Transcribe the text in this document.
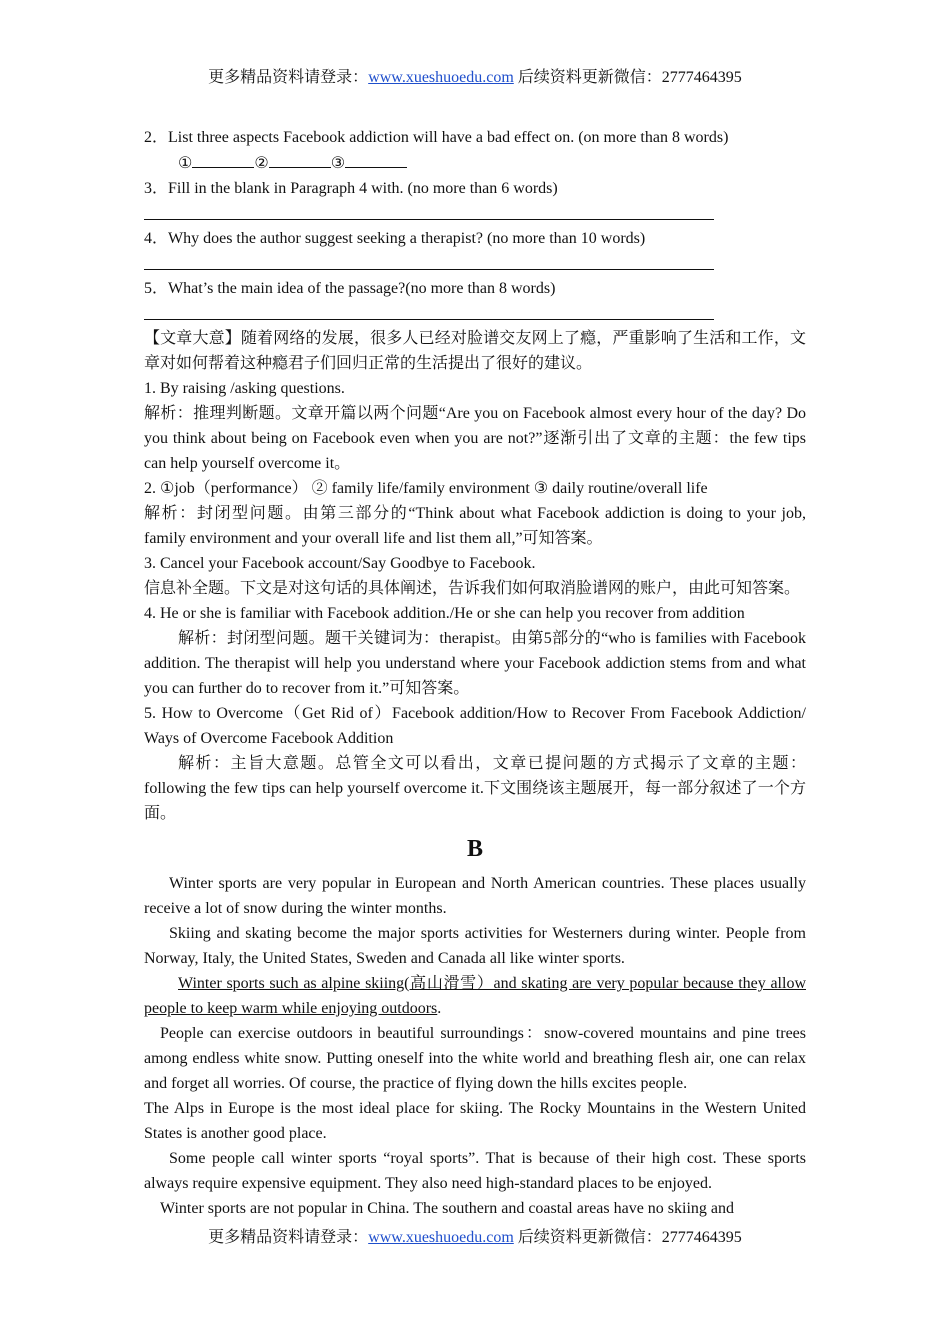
更多精品资料请登录：www.xueshuoedu.com 后续资料更新微信：2777464395

2．List three aspects Facebook addiction will have a bad effect on. (on more than 8 words)

①	②	③

3．Fill in the blank in Paragraph 4 with. (no more than 6 words)

4．Why does the author suggest seeking a therapist? (no more than 10 words)

5．What’s the main idea of the passage?(no more than 8 words)

【文章大意】随着网络的发展，很多人已经对脸谱交友网上了瘾，严重影响了生活和工作，文章对如何帮着这种瘾君子们回归正常的生活提出了很好的建议。

1. By raising /asking questions.

解析：推理判断题。文章开篇以两个问题“Are you on Facebook almost every hour of the day? Do you think about being on Facebook even when you are not?”逐渐引出了文章的主题：the few tips can help yourself overcome it。

2. ①job（performance） ② family life/family environment ③ daily routine/overall life

解析：封闭型问题。由第三部分的“Think about what Facebook addiction is doing to your job, family environment and your overall life and list them all,”可知答案。

3. Cancel your Facebook account/Say Goodbye to Facebook.

信息补全题。下文是对这句话的具体阐述，告诉我们如何取消脸谱网的账户，由此可知答案。

4. He or she is familiar with Facebook addition./He or she can help you recover from addition

解析：封闭型问题。题干关键词为：therapist。由第5部分的“who is families with Facebook addition. The therapist will help you understand where your Facebook addiction stems from and what you can further do to recover from it.”可知答案。

5. How to Overcome（Get Rid of）Facebook addition/How to Recover From Facebook Addiction/ Ways of Overcome Facebook Addition

解析：主旨大意题。总管全文可以看出，文章已提问题的方式揭示了文章的主题：following the few tips can help yourself overcome it.下文围绕该主题展开，每一部分叙述了一个方面。

B

Winter sports are very popular in European and North American countries. These places usually receive a lot of snow during the winter months.

Skiing and skating become the major sports activities for Westerners during winter. People from Norway, Italy, the United States, Sweden and Canada all like winter sports.

Winter sports such as alpine skiing(高山滑雪）and skating are very popular because they allow people to keep warm while enjoying outdoors.

People can exercise outdoors in beautiful surroundings：snow-covered mountains and pine trees among endless white snow. Putting oneself into the white world and breathing flesh air, one can relax and forget all worries. Of course, the practice of flying down the hills excites people.

The Alps in Europe is the most ideal place for skiing. The Rocky Mountains in the Western United States is another good place.

Some people call winter sports “royal sports”. That is because of their high cost. These sports always require expensive equipment. They also need high-standard places to be enjoyed.

Winter sports are not popular in China. The southern and coastal areas have no skiing and

更多精品资料请登录：www.xueshuoedu.com 后续资料更新微信：2777464395
